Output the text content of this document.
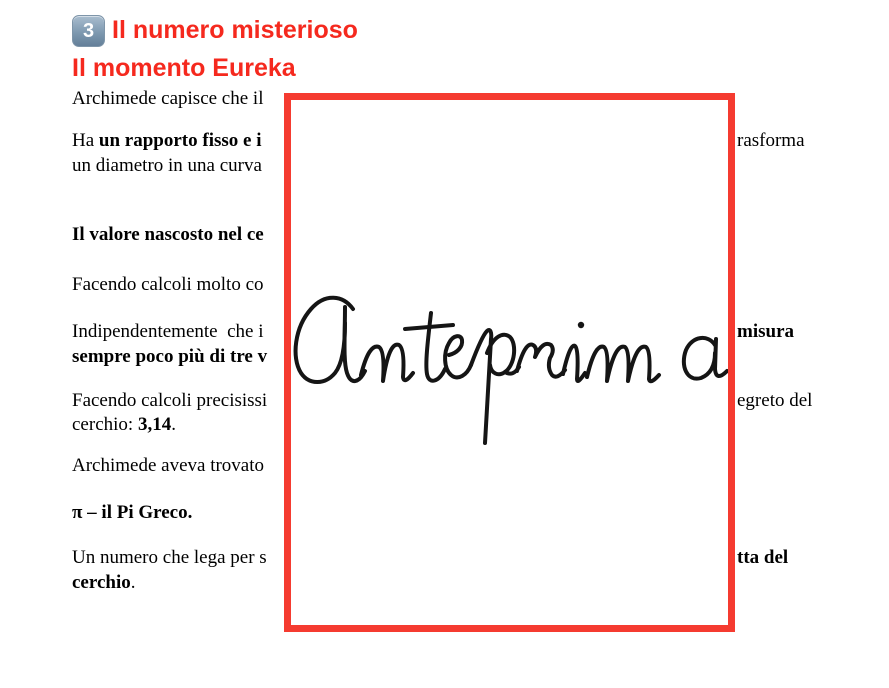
3 Il numero misterioso
Il momento Eureka
Archimede capisce che il
Ha un rapporto fisso e i	rasforma
un diametro in una curva
Il valore nascosto nel ce
Facendo calcoli molto co
Indipendentemente  che i	misura
sempre poco più di tre v
Facendo calcoli precisissi	egreto del
cerchio: 3,14.
Archimede aveva trovato
π – il Pi Greco.
Un numero che lega per s	tta del
cerchio.
